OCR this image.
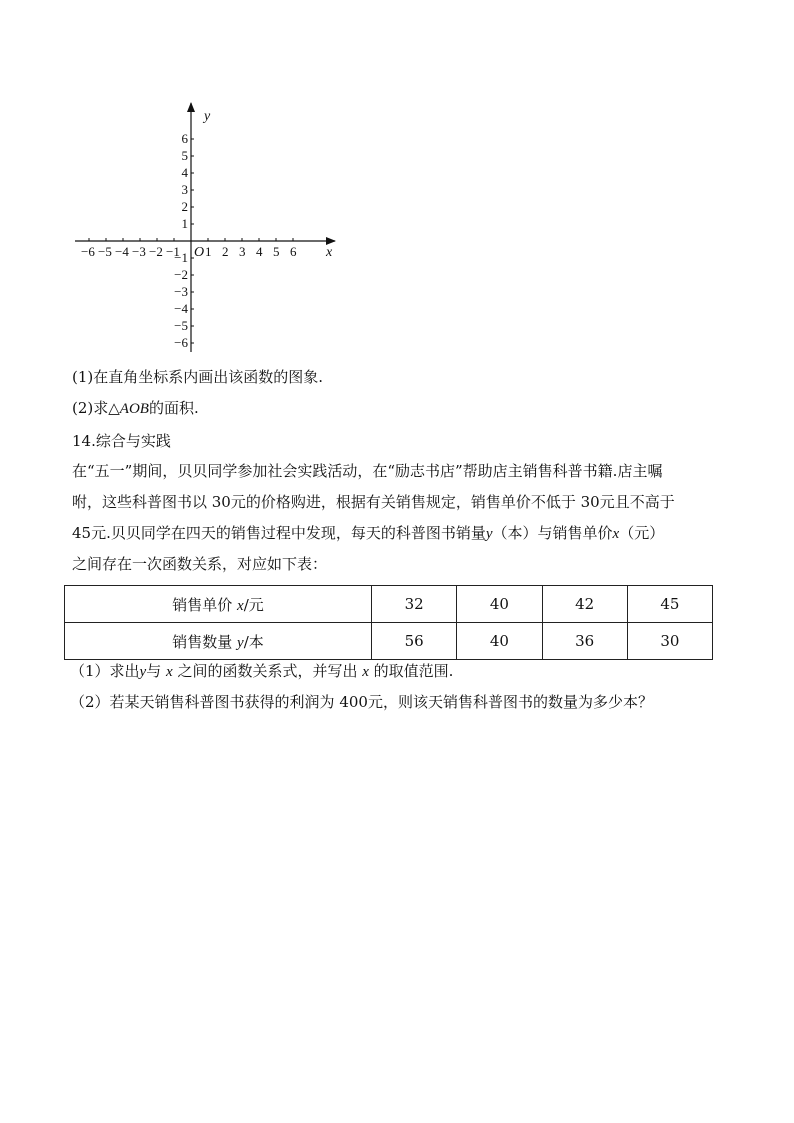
−6 −5 −4 −3 −2 −1 1 2 3 4 5 6
6
5
4
3
2
1
−1
−2
−3
−4
−5
−6
x
y
O
(1)在直角坐标系内画出该函数的图象.
(2)求△AOB的面积.
14.综合与实践
在“五一”期间，贝贝同学参加社会实践活动，在“励志书店”帮助店主销售科普书籍.店主嘱
咐，这些科普图书以 30元的价格购进，根据有关销售规定，销售单价不低于 30元且不高于
45元.贝贝同学在四天的销售过程中发现，每天的科普图书销量y（本）与销售单价x（元）
之间存在一次函数关系，对应如下表：
销售单价 x/元	32	40	42	45
销售数量 y/本	56	40	36	30
（1）求出y与 x 之间的函数关系式，并写出 x 的取值范围.
（2）若某天销售科普图书获得的利润为 400元，则该天销售科普图书的数量为多少本？
